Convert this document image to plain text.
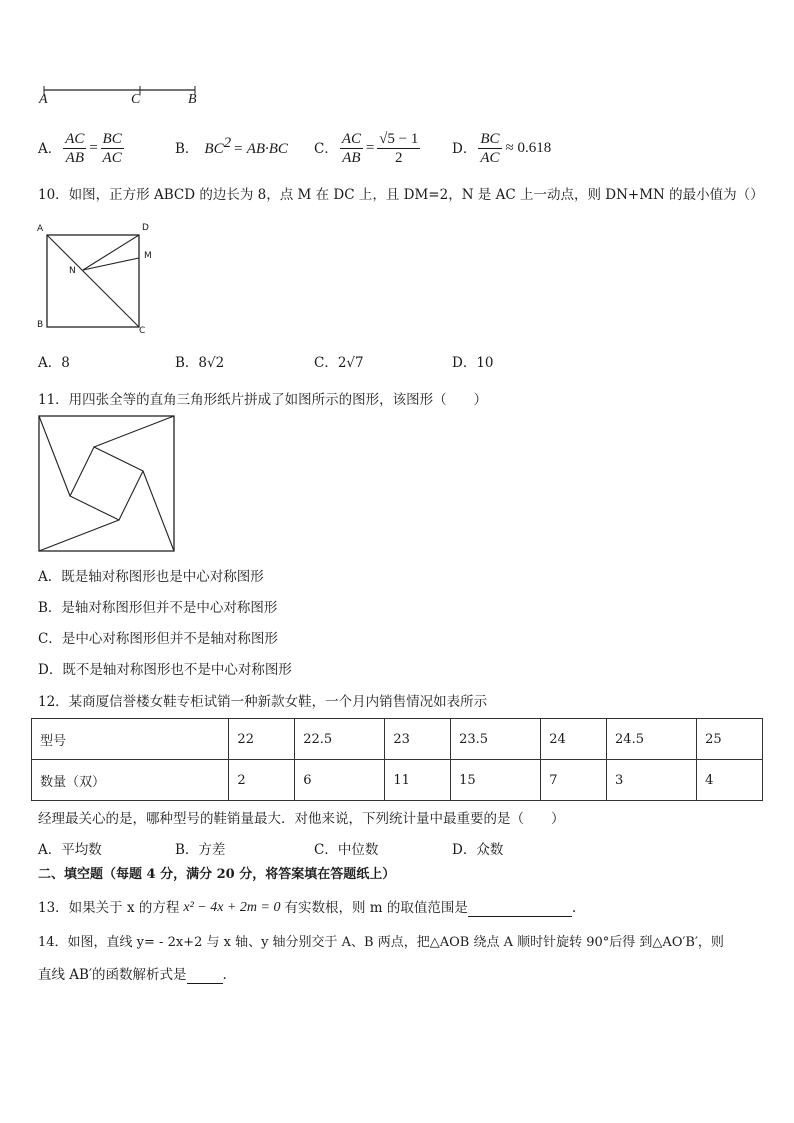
A	C	B
A． $\frac{AC}{AB} = \frac{BC}{AC}$	B． $BC^2 = AB\cdot BC$ C． $\frac{AC}{AB} = \frac{√5 - 1}{2}$ D． $\frac{BC}{AC} \approx 0.618$
10．如图，正方形 ABCD 的边长为 8，点 M 在 DC 上，且 DM=2，N 是 AC 上一动点，则 DN+MN 的最小值为（）
A	D
M
N
B
C
A．8	B．8√2	C．2√7	D．10
11．用四张全等的直角三角形纸片拼成了如图所示的图形，该图形（　　）
A．既是轴对称图形也是中心对称图形
B．是轴对称图形但并不是中心对称图形
C．是中心对称图形但并不是轴对称图形
D．既不是轴对称图形也不是中心对称图形
12．某商厦信誉楼女鞋专柜试销一种新款女鞋，一个月内销售情况如表所示
型号	22	22.5	23	23.5	24	24.5	25
数量（双）	2	6	11	15	7	3	4
经理最关心的是，哪种型号的鞋销量最大．对他来说，下列统计量中最重要的是（　　）
A．平均数	B．方差	C．中位数	D．众数
二、填空题（每题 4 分，满分 20 分，将答案填在答题纸上）
13．如果关于 x 的方程 x² − 4x + 2m = 0 有实数根，则 m 的取值范围是	.
14．如图，直线 y= - 2x+2 与 x 轴、y 轴分别交于 A、B 两点，把△AOB 绕点 A 顺时针旋转 90°后得 到△AO′B′，则
直线 AB′的函数解析式是	.
